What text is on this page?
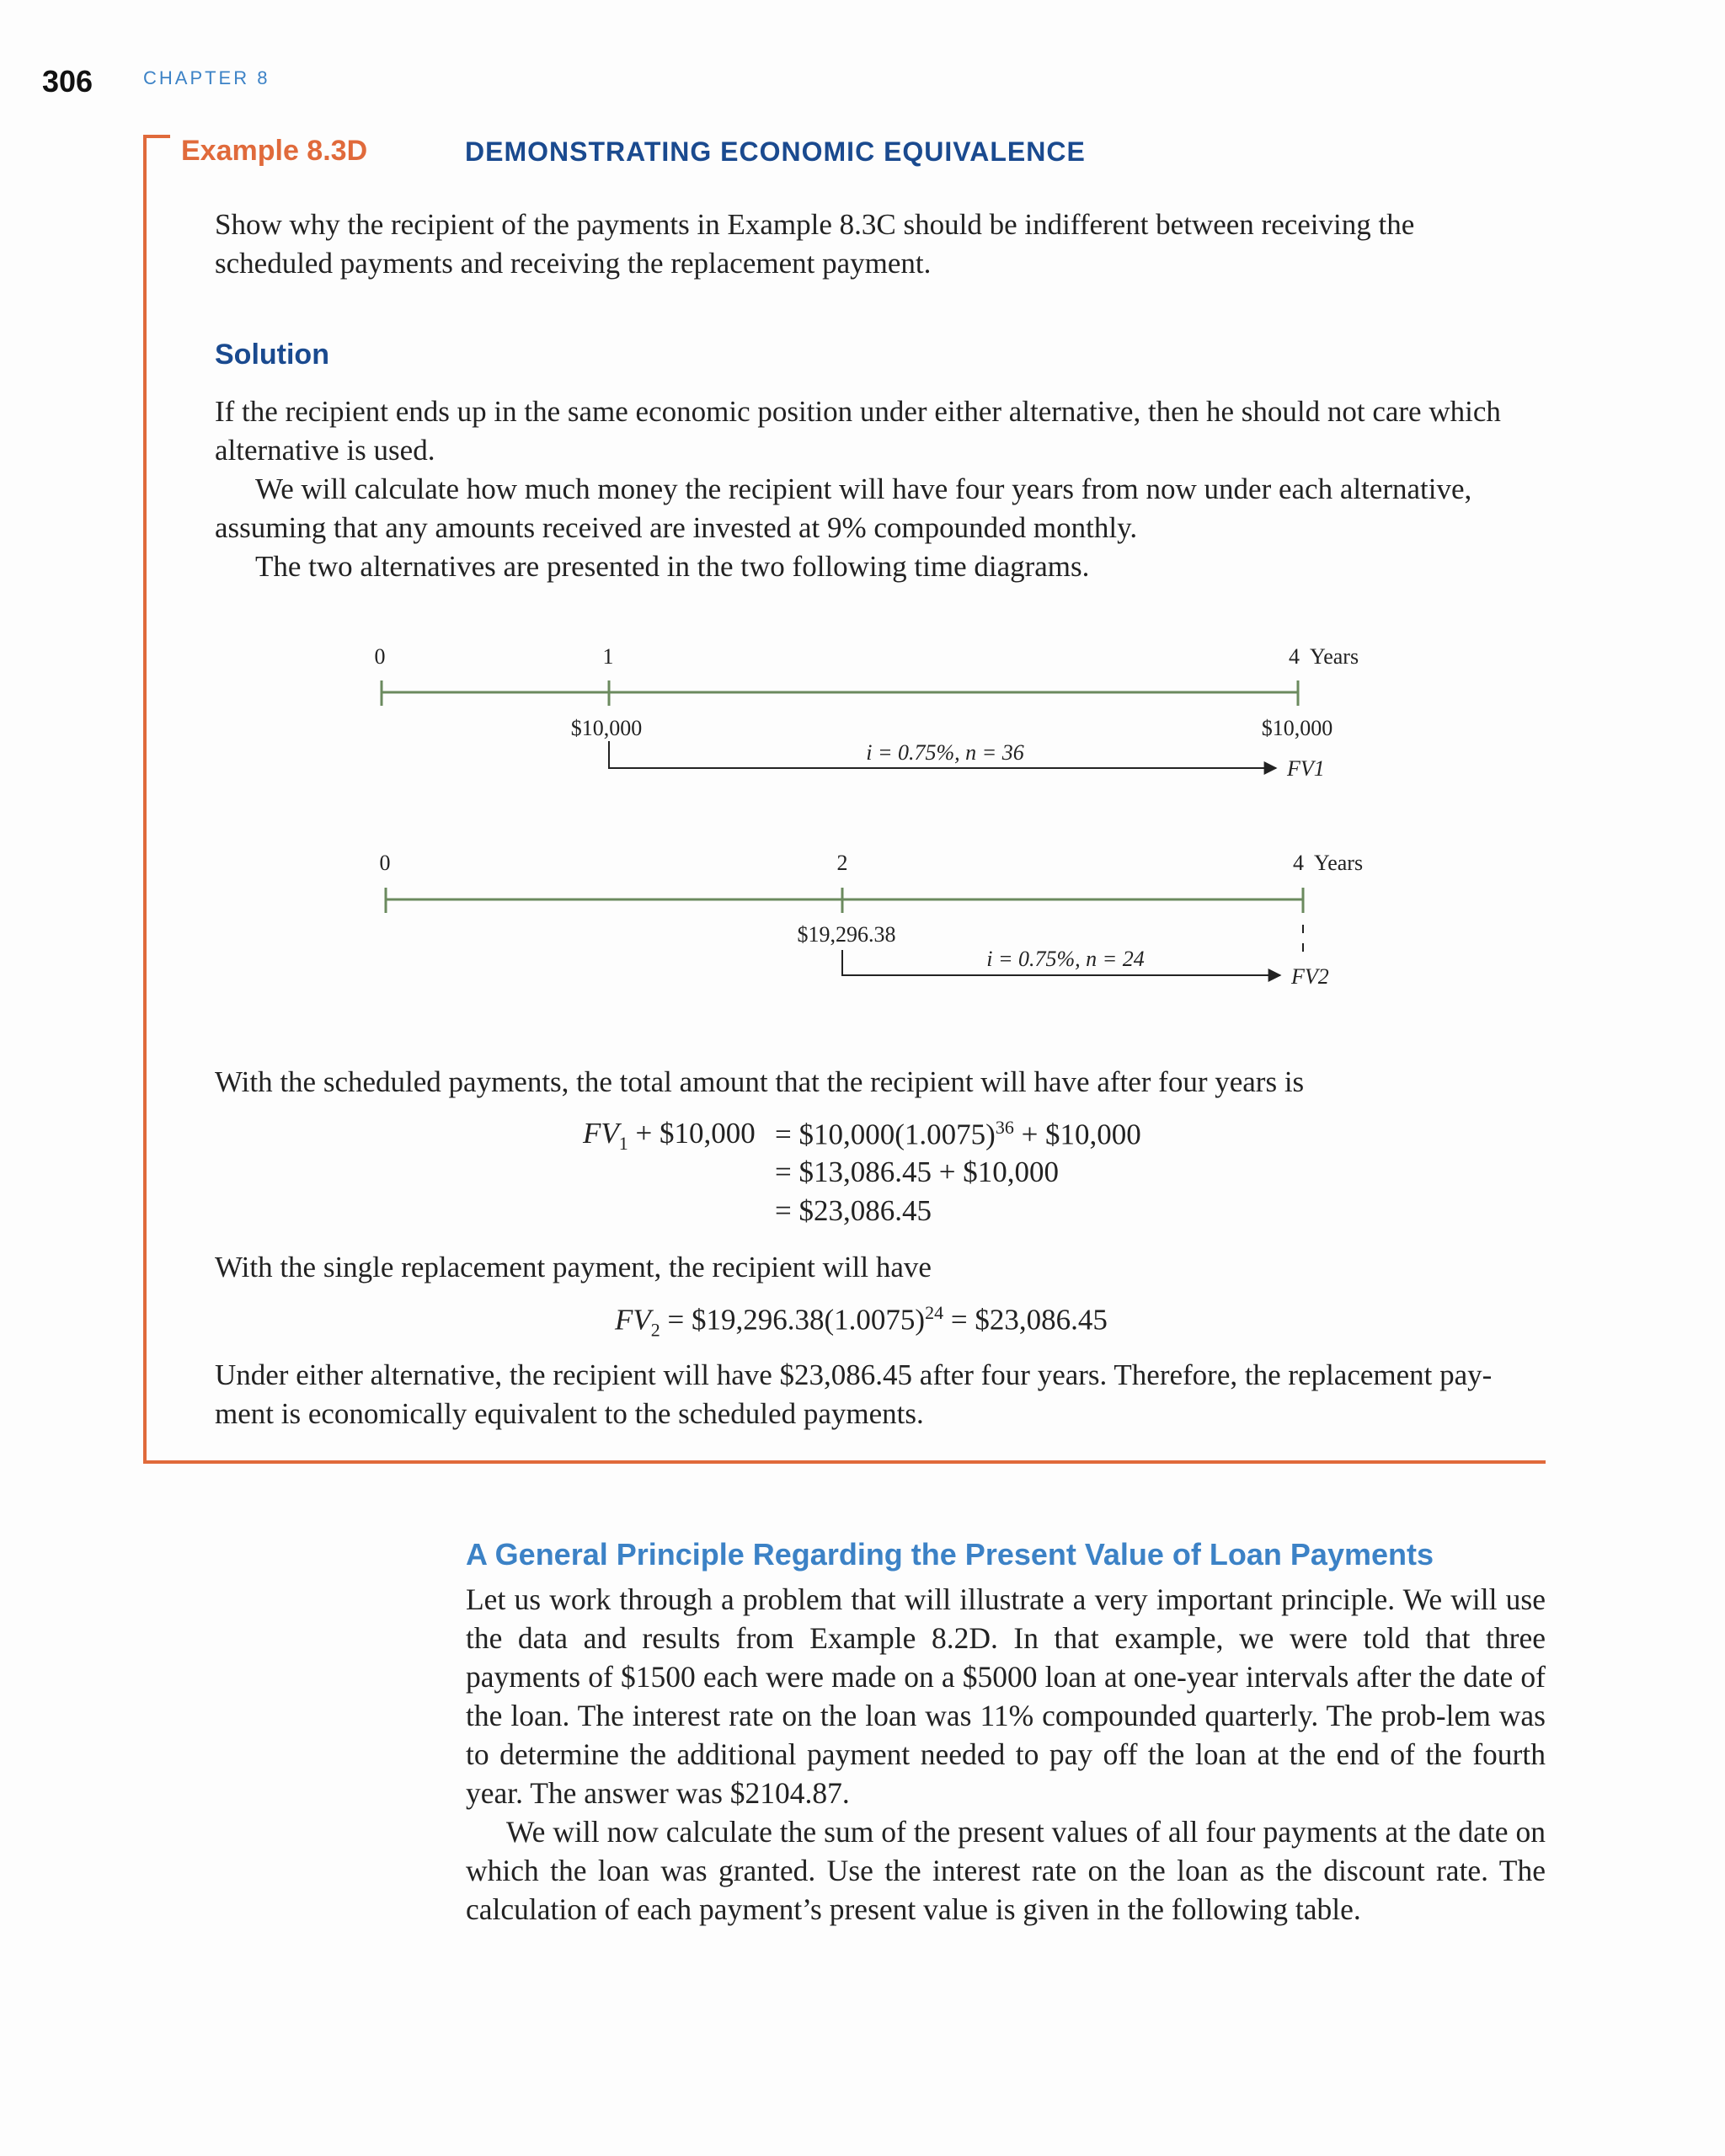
306	CHAPTER 8
Example 8.3D	DEMONSTRATING ECONOMIC EQUIVALENCE
Show why the recipient of the payments in Example 8.3C should be indifferent between receiving the scheduled payments and receiving the replacement payment.
Solution
If the recipient ends up in the same economic position under either alternative, then he should not care which alternative is used.
We will calculate how much money the recipient will have four years from now under each alternative, assuming that any amounts received are invested at 9% compounded monthly.
The two alternatives are presented in the two following time diagrams.
0	1	4  Years
$10,000	$10,000
i = 0.75%, n = 36
FV1
0	2	4  Years
$19,296.38
i = 0.75%, n = 24
FV2
With the scheduled payments, the total amount that the recipient will have after four years is
$FV_1$ + $10,000 = $\$10,000(1.0075)^{36}$ + $10,000
= $13,086.45 + $10,000
= $23,086.45
With the single replacement payment, the recipient will have
$FV_2$ = $\$19,296.38(1.0075)^{24}$ = $23,086.45
Under either alternative, the recipient will have $23,086.45 after four years. Therefore, the replacement pay-ment is economically equivalent to the scheduled payments.
A General Principle Regarding the Present Value of Loan Payments
Let us work through a problem that will illustrate a very important principle. We will use the data and results from Example 8.2D. In that example, we were told that three payments of $1500 each were made on a $5000 loan at one-year intervals after the date of the loan. The interest rate on the loan was 11% compounded quarterly. The prob-lem was to determine the additional payment needed to pay off the loan at the end of the fourth year. The answer was $2104.87.
We will now calculate the sum of the present values of all four payments at the date on which the loan was granted. Use the interest rate on the loan as the discount rate. The calculation of each payment’s present value is given in the following table.
